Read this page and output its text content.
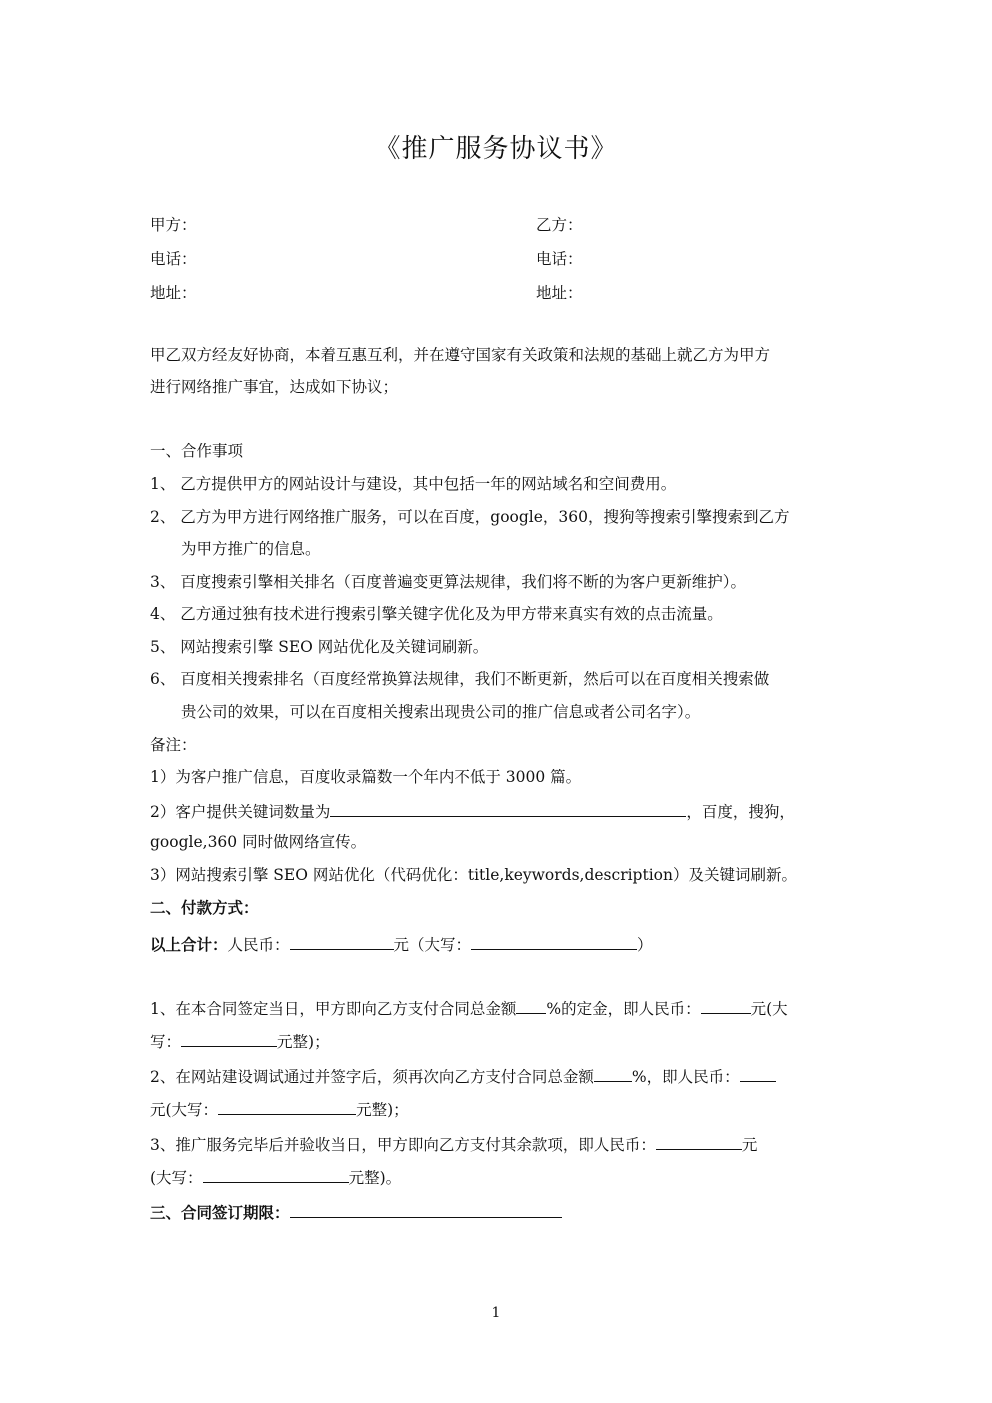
《推广服务协议书》
甲方：	乙方：
电话：	电话：
地址：	地址：
甲乙双方经友好协商，本着互惠互利，并在遵守国家有关政策和法规的基础上就乙方为甲方
进行网络推广事宜，达成如下协议；
一、合作事项
1、 乙方提供甲方的网站设计与建设，其中包括一年的网站域名和空间费用。
2、 乙方为甲方进行网络推广服务，可以在百度，google，360，搜狗等搜索引擎搜索到乙方
为甲方推广的信息。
3、 百度搜索引擎相关排名（百度普遍变更算法规律，我们将不断的为客户更新维护）。
4、 乙方通过独有技术进行搜索引擎关键字优化及为甲方带来真实有效的点击流量。
5、 网站搜索引擎 SEO 网站优化及关键词刷新。
6、 百度相关搜索排名（百度经常换算法规律，我们不断更新，然后可以在百度相关搜索做
贵公司的效果，可以在百度相关搜索出现贵公司的推广信息或者公司名字）。
备注：
1）为客户推广信息，百度收录篇数一个年内不低于 3000 篇。
2）客户提供关键词数量为	，百度，搜狗，
google,360 同时做网络宣传。
3）网站搜索引擎 SEO 网站优化（代码优化：title,keywords,description）及关键词刷新。
二、付款方式：
以上合计：人民币：	元（大写：	）
1、在本合同签定当日，甲方即向乙方支付合同总金额 %的定金，即人民币：	元(大
写：	元整)；
2、在网站建设调试通过并签字后，须再次向乙方支付合同总金额 %，即人民币：
元(大写：	元整)；
3、推广服务完毕后并验收当日，甲方即向乙方支付其余款项，即人民币：	元
(大写：	元整)。
三、合同签订期限：
1
